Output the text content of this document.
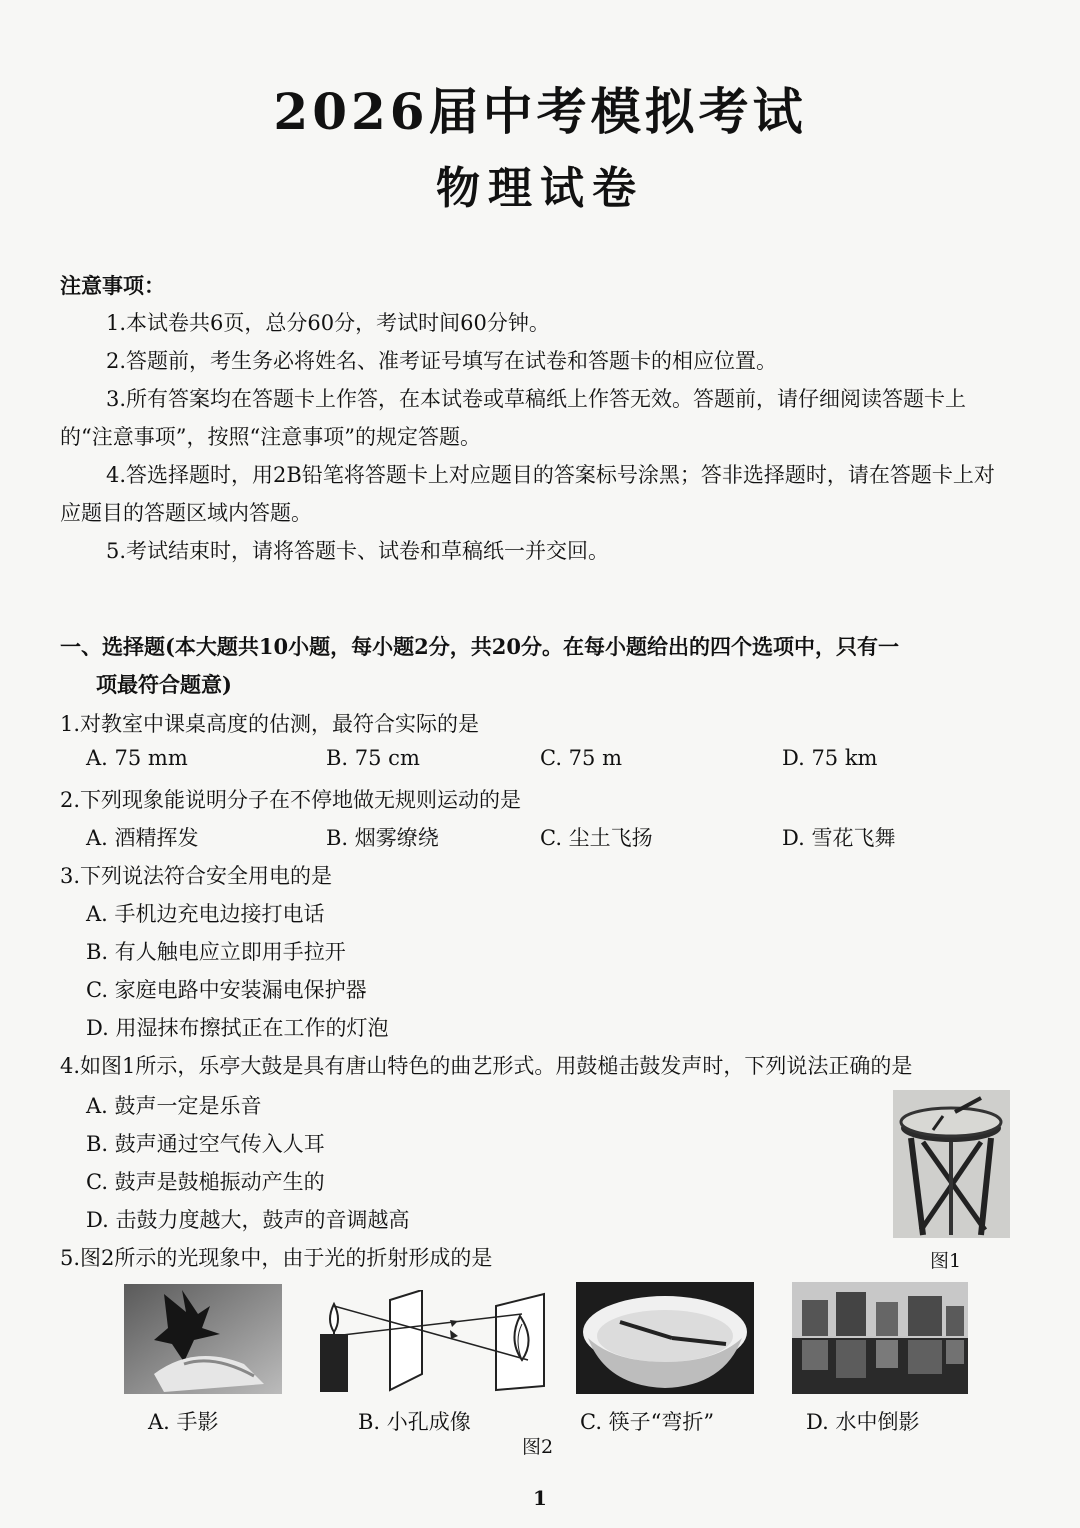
2026届中考模拟考试
物理试卷
注意事项：

1.本试卷共6页，总分60分，考试时间60分钟。

2.答题前，考生务必将姓名、准考证号填写在试卷和答题卡的相应位置。

3.所有答案均在答题卡上作答，在本试卷或草稿纸上作答无效。答题前，请仔细阅读答题卡上的“注意事项”，按照“注意事项”的规定答题。

4.答选择题时，用2B铅笔将答题卡上对应题目的答案标号涂黑；答非选择题时，请在答题卡上对应题目的答题区域内答题。

5.考试结束时，请将答题卡、试卷和草稿纸一并交回。

一、选择题(本大题共10小题，每小题2分，共20分。在每小题给出的四个选项中，只有一
项最符合题意)
1.对教室中课桌高度的估测，最符合实际的是
A. 75 mm	B. 75 cm	C. 75 m	D. 75 km
2.下列现象能说明分子在不停地做无规则运动的是
A. 酒精挥发	B. 烟雾缭绕	C. 尘土飞扬	D. 雪花飞舞
3.下列说法符合安全用电的是
A. 手机边充电边接打电话
B. 有人触电应立即用手拉开
C. 家庭电路中安装漏电保护器
D. 用湿抹布擦拭正在工作的灯泡
4.如图1所示，乐亭大鼓是具有唐山特色的曲艺形式。用鼓槌击鼓发声时，下列说法正确的是
A. 鼓声一定是乐音
B. 鼓声通过空气传入人耳
C. 鼓声是鼓槌振动产生的
D. 击鼓力度越大，鼓声的音调越高
图1
5.图2所示的光现象中，由于光的折射形成的是
A. 手影	B. 小孔成像	C. 筷子“弯折”	D. 水中倒影
图2
1
